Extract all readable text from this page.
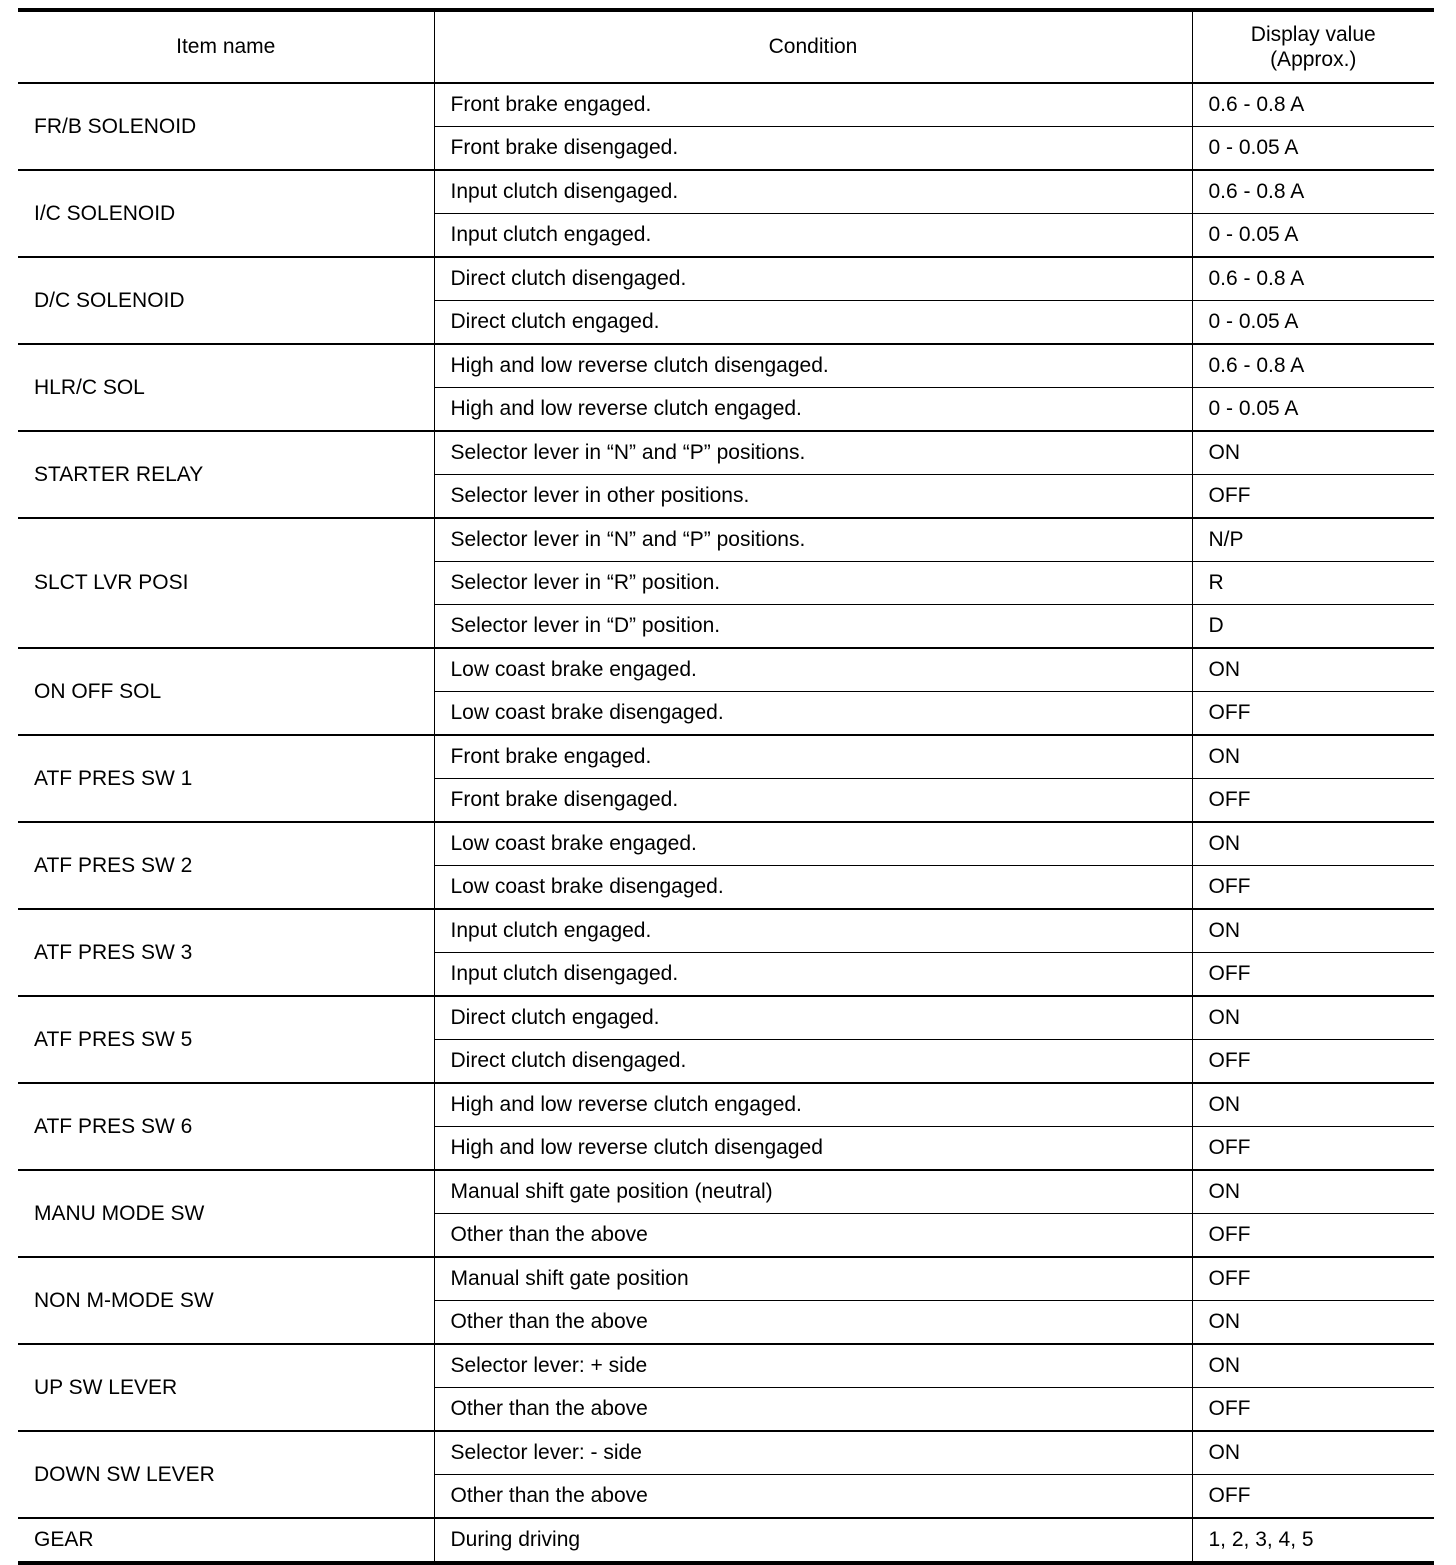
Item name	Condition	Display value
(Approx.)

FR/B SOLENOID	Front brake engaged.	0.6 - 0.8 A
	Front brake disengaged.	0 - 0.05 A
I/C SOLENOID	Input clutch disengaged.	0.6 - 0.8 A
	Input clutch engaged.	0 - 0.05 A
D/C SOLENOID	Direct clutch disengaged.	0.6 - 0.8 A
	Direct clutch engaged.	0 - 0.05 A
HLR/C SOL	High and low reverse clutch disengaged.	0.6 - 0.8 A
	High and low reverse clutch engaged.	0 - 0.05 A
STARTER RELAY	Selector lever in “N” and “P” positions.	ON
	Selector lever in other positions.	OFF
SLCT LVR POSI	Selector lever in “N” and “P” positions.	N/P
	Selector lever in “R” position.	R
	Selector lever in “D” position.	D
ON OFF SOL	Low coast brake engaged.	ON
	Low coast brake disengaged.	OFF
ATF PRES SW 1	Front brake engaged.	ON
	Front brake disengaged.	OFF
ATF PRES SW 2	Low coast brake engaged.	ON
	Low coast brake disengaged.	OFF
ATF PRES SW 3	Input clutch engaged.	ON
	Input clutch disengaged.	OFF
ATF PRES SW 5	Direct clutch engaged.	ON
	Direct clutch disengaged.	OFF
ATF PRES SW 6	High and low reverse clutch engaged.	ON
	High and low reverse clutch disengaged	OFF
MANU MODE SW	Manual shift gate position (neutral)	ON
	Other than the above	OFF
NON M-MODE SW	Manual shift gate position	OFF
	Other than the above	ON
UP SW LEVER	Selector lever: + side	ON
	Other than the above	OFF
DOWN SW LEVER	Selector lever: - side	ON
	Other than the above	OFF
GEAR	During driving	1, 2, 3, 4, 5
